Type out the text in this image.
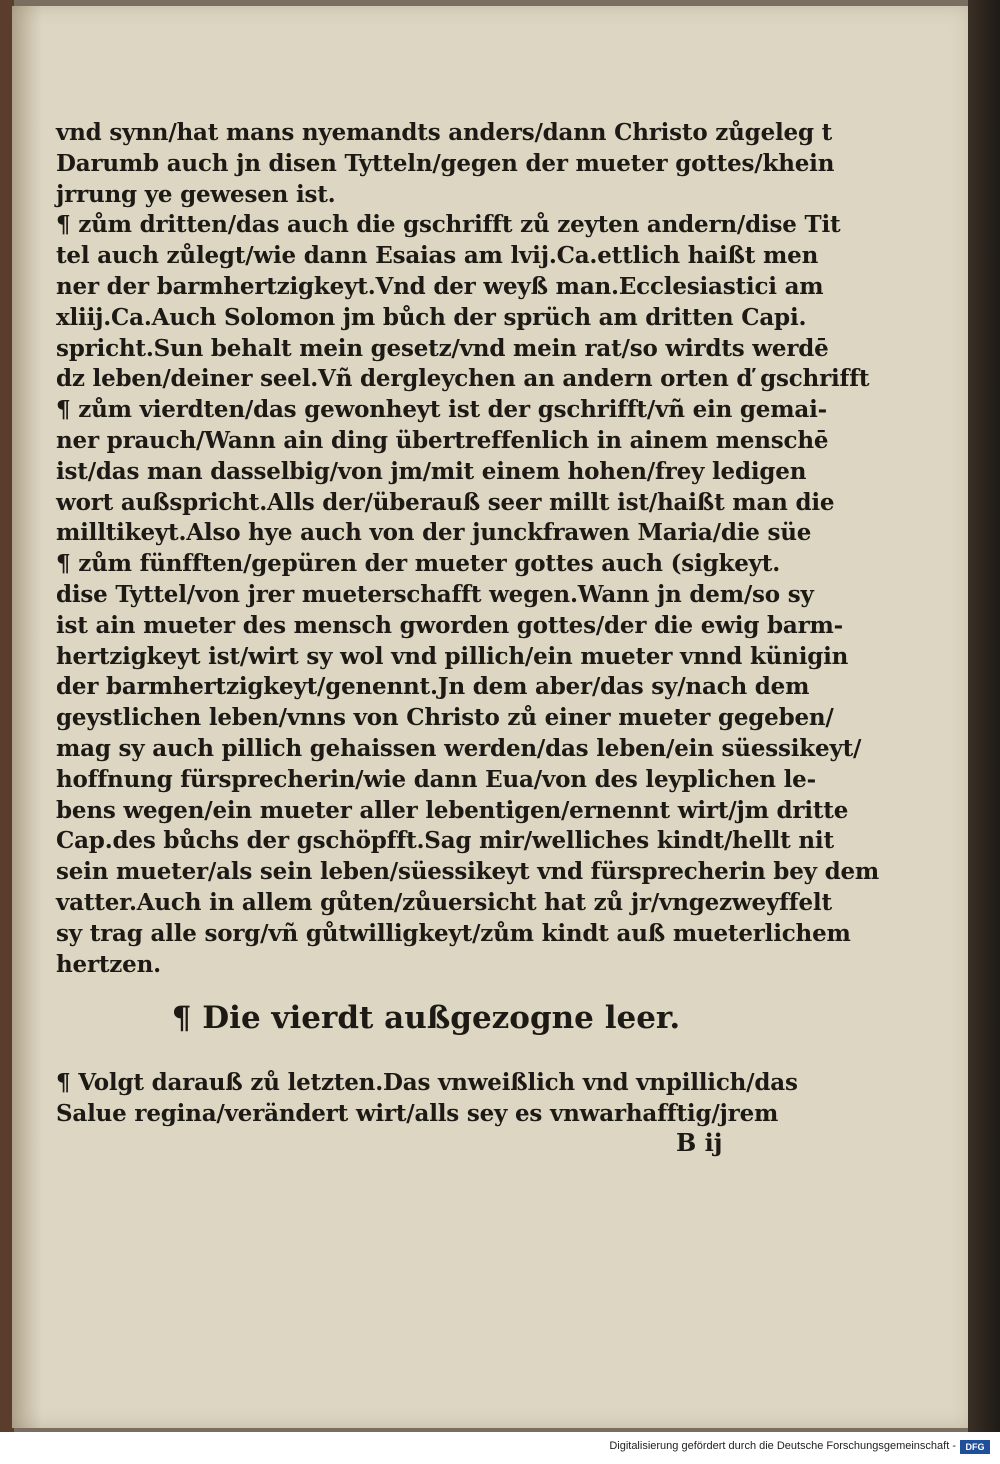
vnd synn/hat mans nyemandts anders/dann Christo zůgeleg t
Darumb auch jn disen Tytteln/gegen der mueter gottes/khein
jrrung ye gewesen ist.
¶ zům dritten/das auch die gschrifft zů zeyten andern/dise Tit
tel auch zůlegt/wie dann Esaias am lvij.Ca.ettlich haißt men
ner der barmhertzigkeyt.Vnd der weyß man.Ecclesiastici am
xliij.Ca.Auch Solomon jm bůch der sprüch am dritten Capi.
spricht.Sun behalt mein gesetz/vnd mein rat/so wirdts werdē
dz leben/deiner seel.Vñ dergleychen an andern orten ď gschrifft
¶ zům vierdten/das gewonheyt ist der gschrifft/vñ ein gemai-
ner prauch/Wann ain ding übertreffenlich in ainem menschē
ist/das man dasselbig/von jm/mit einem hohen/frey ledigen
wort außspricht.Alls der/überauß seer millt ist/haißt man die
milltikeyt.Also hye auch von der junckfrawen Maria/die süe
¶ zům fünfften/gepüren der mueter gottes auch (sigkeyt.
dise Tyttel/von jrer mueterschafft wegen.Wann jn dem/so sy
ist ain mueter des mensch gworden gottes/der die ewig barm-
hertzigkeyt ist/wirt sy wol vnd pillich/ein mueter vnnd künigin
der barmhertzigkeyt/genennt.Jn dem aber/das sy/nach dem
geystlichen leben/vnns von Christo zů einer mueter gegeben/
mag sy auch pillich gehaissen werden/das leben/ein süessikeyt/
hoffnung fürsprecherin/wie dann Eua/von des leyplichen le-
bens wegen/ein mueter aller lebentigen/ernennt wirt/jm dritte
Cap.des bůchs der gschöpfft.Sag mir/welliches kindt/hellt nit
sein mueter/als sein leben/süessikeyt vnd fürsprecherin bey dem
vatter.Auch in allem gůten/zůuersicht hat zů jr/vngezweyffelt
sy trag alle sorg/vñ gůtwilligkeyt/zům kindt auß mueterlichem
hertzen.
¶ Die vierdt außgezogne leer.
¶ Volgt darauß zů letzten.Das vnweißlich vnd vnpillich/das
Salue regina/verändert wirt/alls sey es vnwarhafftig/jrem
B ij
Digitalisierung gefördert durch die Deutsche Forschungsgemeinschaft -	DFG
